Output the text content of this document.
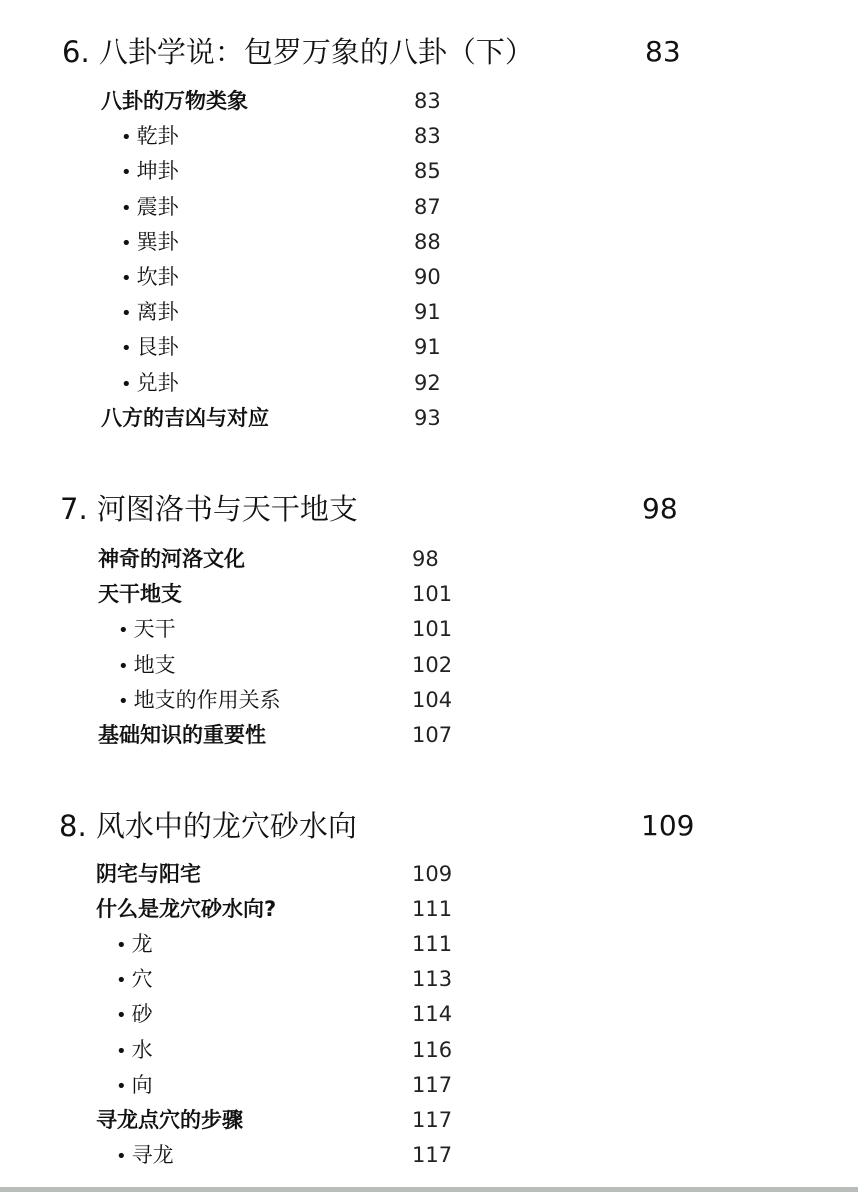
6. 八卦学说：包罗万象的八卦（下）	83
八卦的万物类象	83
• 乾卦	83
• 坤卦	85
• 震卦	87
• 巽卦	88
• 坎卦	90
• 离卦	91
• 艮卦	91
• 兑卦	92
八方的吉凶与对应	93
7. 河图洛书与天干地支	98
神奇的河洛文化	98
天干地支	101
• 天干	101
• 地支	102
• 地支的作用关系	104
基础知识的重要性	107
8. 风水中的龙穴砂水向	109
阴宅与阳宅	109
什么是龙穴砂水向?	111
• 龙	111
• 穴	113
• 砂	114
• 水	116
• 向	117
寻龙点穴的步骤	117
• 寻龙	117
